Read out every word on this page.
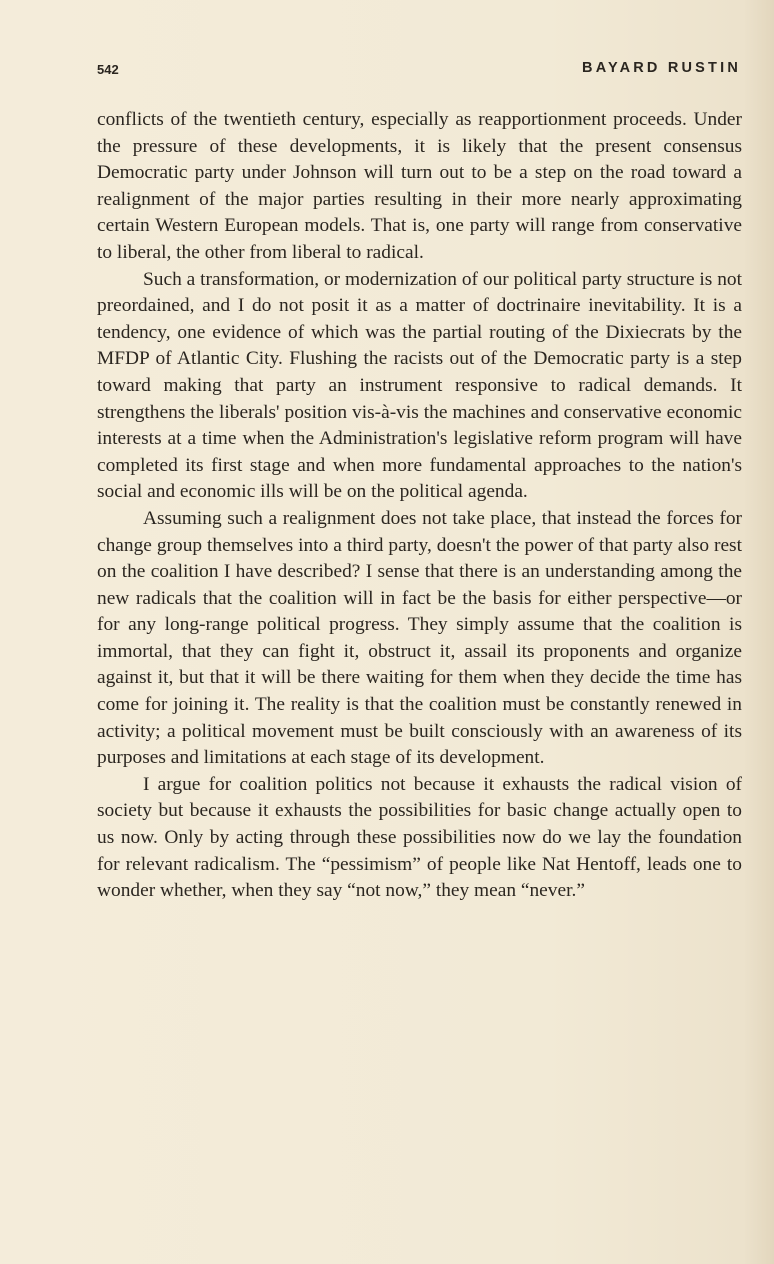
542	BAYARD RUSTIN

conflicts of the twentieth century, especially as reapportionment proceeds. Under the pressure of these developments, it is likely that the present consensus Democratic party under Johnson will turn out to be a step on the road toward a realignment of the major parties resulting in their more nearly approximating certain Western European models. That is, one party will range from conservative to liberal, the other from liberal to radical.

Such a transformation, or modernization of our political party structure is not preordained, and I do not posit it as a matter of doctrinaire inevitability. It is a tendency, one evidence of which was the partial routing of the Dixiecrats by the MFDP of Atlantic City. Flushing the racists out of the Democratic party is a step toward making that party an instrument responsive to radical demands. It strengthens the liberals' position vis-à-vis the machines and conservative economic interests at a time when the Administration's legislative reform program will have completed its first stage and when more fundamental approaches to the nation's social and economic ills will be on the political agenda.

Assuming such a realignment does not take place, that instead the forces for change group themselves into a third party, doesn't the power of that party also rest on the coalition I have described? I sense that there is an understanding among the new radicals that the coalition will in fact be the basis for either perspective—or for any long-range political progress. They simply assume that the coalition is immortal, that they can fight it, obstruct it, assail its proponents and organize against it, but that it will be there waiting for them when they decide the time has come for joining it. The reality is that the coalition must be constantly renewed in activity; a political movement must be built consciously with an awareness of its purposes and limitations at each stage of its development.

I argue for coalition politics not because it exhausts the radical vision of society but because it exhausts the possibilities for basic change actually open to us now. Only by acting through these possibilities now do we lay the foundation for relevant radicalism. The “pessimism” of people like Nat Hentoff, leads one to wonder whether, when they say “not now,” they mean “never.”
